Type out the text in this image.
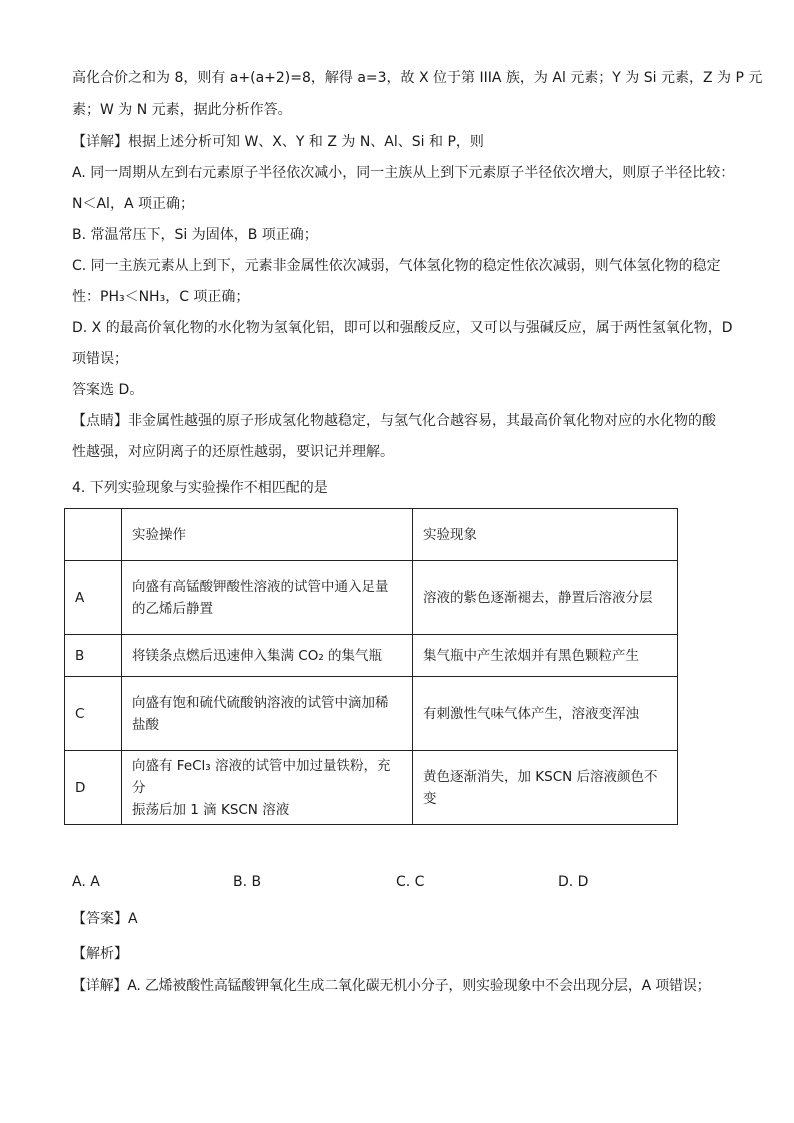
高化合价之和为 8，则有 a+(a+2)=8，解得 a=3，故 X 位于第 IIIA 族，为 Al 元素；Y 为 Si 元素，Z 为 P 元
素；W 为 N 元素，据此分析作答。
【详解】根据上述分析可知 W、X、Y 和 Z 为 N、Al、Si 和 P，则
A. 同一周期从左到右元素原子半径依次减小，同一主族从上到下元素原子半径依次增大，则原子半径比较：
N＜Al，A 项正确；
B. 常温常压下，Si 为固体，B 项正确；
C. 同一主族元素从上到下，元素非金属性依次减弱，气体氢化物的稳定性依次减弱，则气体氢化物的稳定
性：PH₃＜NH₃，C 项正确；
D. X 的最高价氧化物的水化物为氢氧化铝，即可以和强酸反应，又可以与强碱反应，属于两性氢氧化物，D
项错误；
答案选 D。
【点睛】非金属性越强的原子形成氢化物越稳定，与氢气化合越容易，其最高价氧化物对应的水化物的酸
性越强，对应阴离子的还原性越弱，要识记并理解。
4. 下列实验现象与实验操作不相匹配的是
	实验操作	实验现象
A	向盛有高锰酸钾酸性溶液的试管中通入足量
的乙烯后静置	溶液的紫色逐渐褪去，静置后溶液分层
B	将镁条点燃后迅速伸入集满 CO₂ 的集气瓶	集气瓶中产生浓烟并有黑色颗粒产生
C	向盛有饱和硫代硫酸钠溶液的试管中滴加稀
盐酸	有刺激性气味气体产生，溶液变浑浊
D	向盛有 FeCl₃ 溶液的试管中加过量铁粉，充分
振荡后加 1 滴 KSCN 溶液	黄色逐渐消失，加 KSCN 后溶液颜色不变
A. A	B. B	C. C	D. D
【答案】A
【解析】
【详解】A. 乙烯被酸性高锰酸钾氧化生成二氧化碳无机小分子，则实验现象中不会出现分层，A 项错误；
